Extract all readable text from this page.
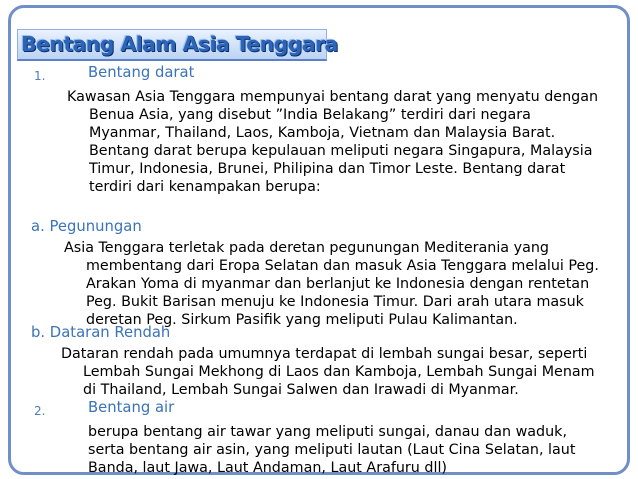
Bentang Alam Asia Tenggara
1.	Bentang darat

Kawasan Asia Tenggara mempunyai bentang darat yang menyatu dengan Benua Asia, yang disebut ”India Belakang” terdiri dari negara Myanmar, Thailand, Laos, Kamboja, Vietnam dan Malaysia Barat. Bentang darat berupa kepulauan meliputi negara Singapura, Malaysia Timur, Indonesia, Brunei, Philipina dan Timor Leste. Bentang darat terdiri dari kenampakan berupa:

a. Pegunungan

Asia Tenggara terletak pada deretan pegunungan Mediterania yang membentang dari Eropa Selatan dan masuk Asia Tenggara melalui Peg. Arakan Yoma di myanmar dan berlanjut ke Indonesia dengan rentetan Peg. Bukit Barisan menuju ke Indonesia Timur. Dari arah utara masuk deretan Peg. Sirkum Pasifik yang meliputi Pulau Kalimantan.

b. Dataran Rendah

Dataran rendah pada umumnya terdapat di lembah sungai besar, seperti Lembah Sungai Mekhong di Laos dan Kamboja, Lembah Sungai Menam di Thailand, Lembah Sungai Salwen dan Irawadi di Myanmar.

2.	Bentang air

berupa bentang air tawar yang meliputi sungai, danau dan waduk, serta bentang air asin, yang meliputi lautan (Laut Cina Selatan, laut Banda, laut Jawa, Laut Andaman, Laut Arafuru dll)
